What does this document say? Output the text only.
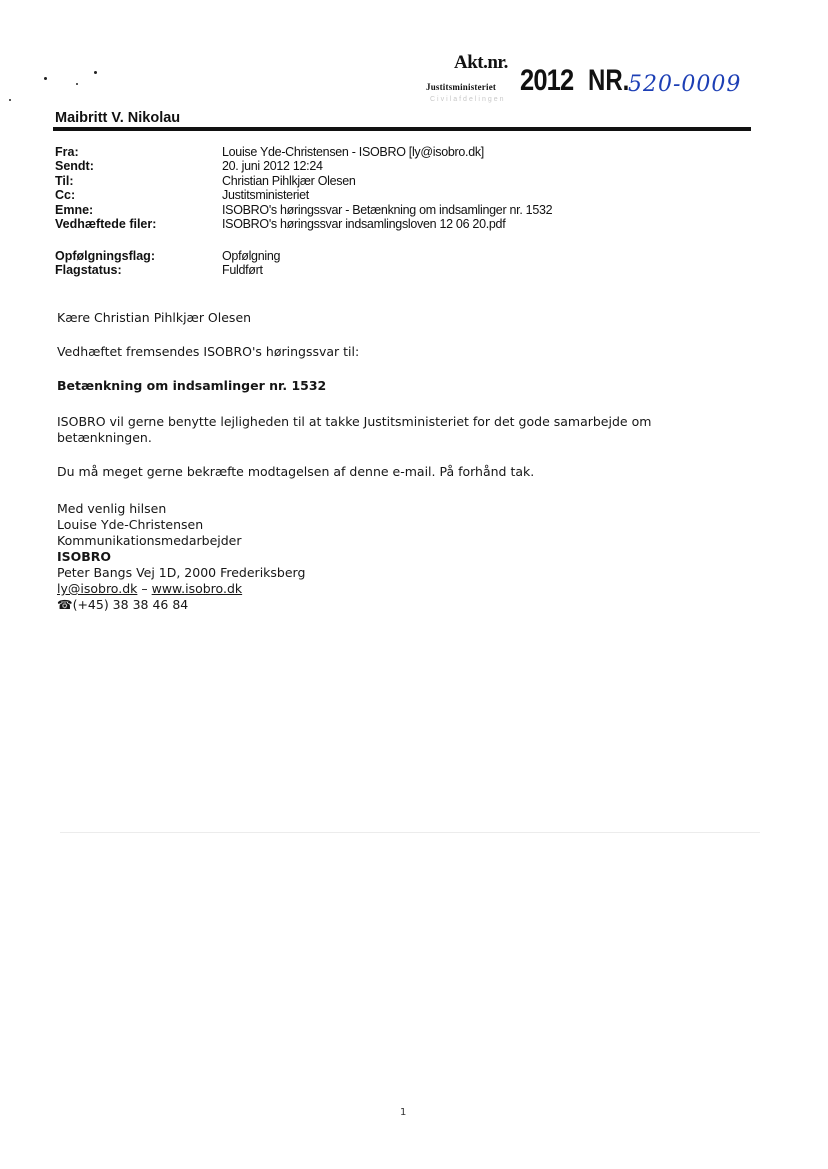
Akt.nr.
Justitsministeriet 2012 NR.
520-0009
Civilafdelingen
Maibritt V. Nikolau
Fra:	Louise Yde-Christensen - ISOBRO [ly@isobro.dk]
Sendt:	20. juni 2012 12:24
Til:	Christian Pihlkjær Olesen
Cc:	Justitsministeriet
Emne:	ISOBRO's høringssvar - Betænkning om indsamlinger nr. 1532
Vedhæftede filer:	ISOBRO's høringssvar indsamlingsloven 12 06 20.pdf
Opfølgningsflag:	Opfølgning
Flagstatus:	Fuldført
Kære Christian Pihlkjær Olesen
Vedhæftet fremsendes ISOBRO's høringssvar til:
Betænkning om indsamlinger nr. 1532
ISOBRO vil gerne benytte lejligheden til at takke Justitsministeriet for det gode samarbejde om
betænkningen.
Du må meget gerne bekræfte modtagelsen af denne e-mail. På forhånd tak.
Med venlig hilsen
Louise Yde-Christensen
Kommunikationsmedarbejder
ISOBRO
Peter Bangs Vej 1D, 2000 Frederiksberg
ly@isobro.dk – www.isobro.dk
☎(+45) 38 38 46 84
1
